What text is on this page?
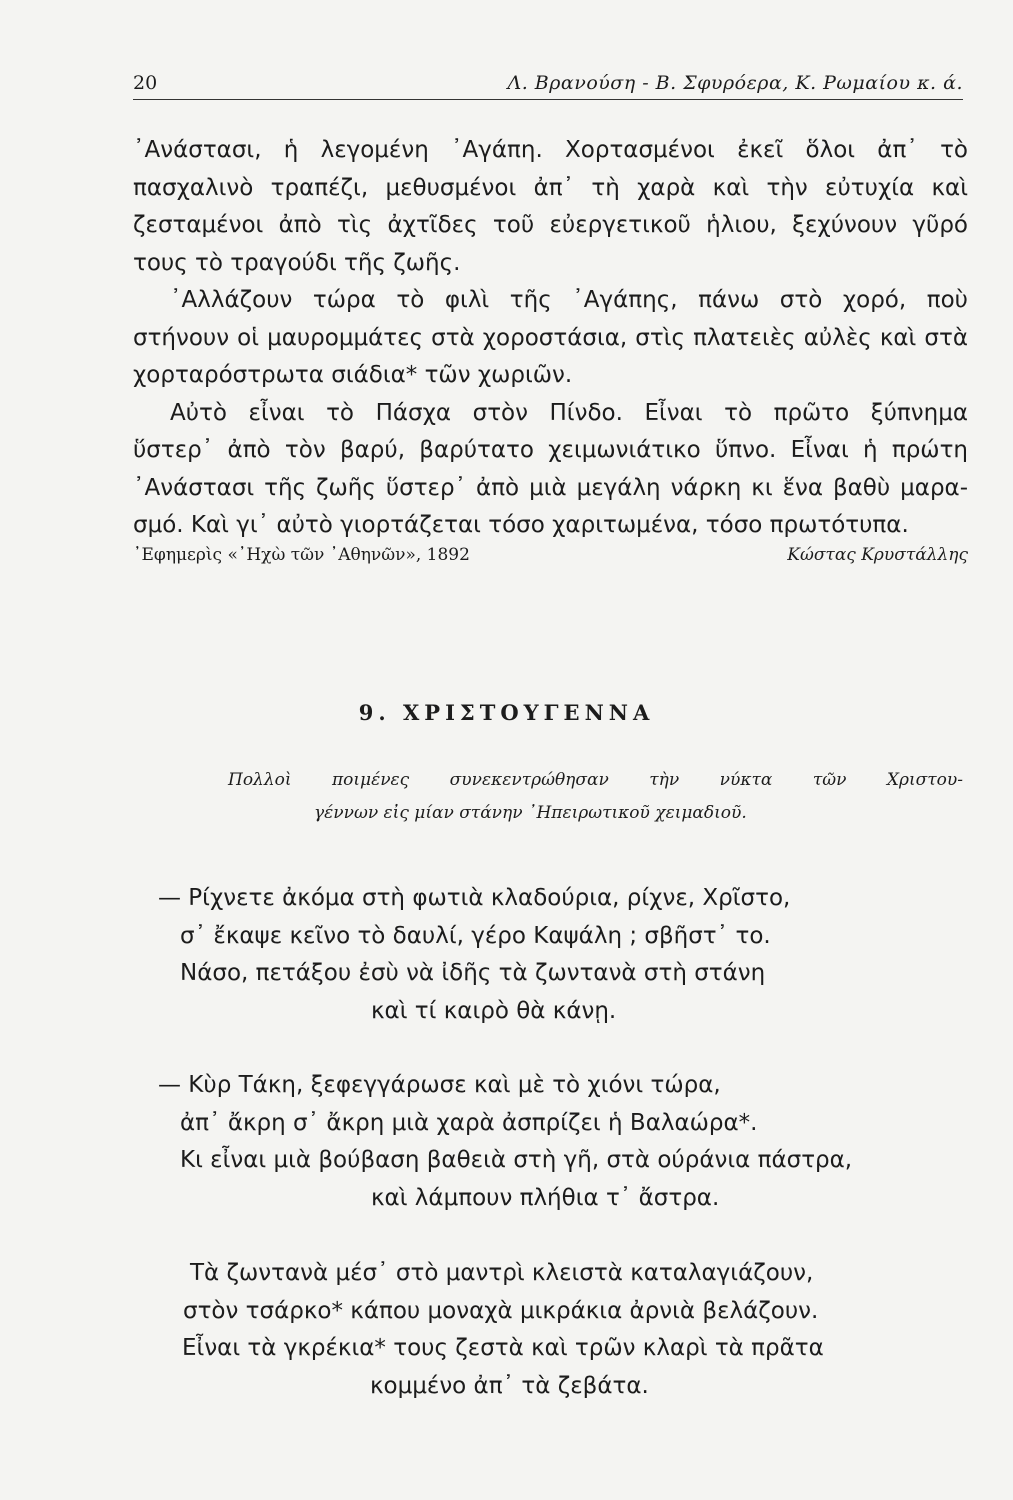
20	Λ. Βρανούση - Β. Σφυρόερα, Κ. Ρωμαίου κ. ά.
᾿Ανάστασι, ἡ λεγομένη ᾿Αγάπη. Χορτασμένοι ἐκεῖ ὅλοι ἀπ᾿ τὸ
πασχαλινὸ τραπέζι, μεθυσμένοι ἀπ᾿ τὴ χαρὰ καὶ τὴν εὐτυχία καὶ
ζεσταμένοι ἀπὸ τὶς ἀχτῖδες τοῦ εὐεργετικοῦ ἡλιου, ξεχύνουν γῦρό
τους τὸ τραγούδι τῆς ζωῆς.
᾿Αλλάζουν τώρα τὸ φιλὶ τῆς ᾿Αγάπης, πάνω στὸ χορό, ποὺ
στήνουν οἱ μαυρομμάτες στὰ χοροστάσια, στὶς πλατειὲς αὐλὲς καὶ στὰ
χορταρόστρωτα σιάδια* τῶν χωριῶν.
Αὐτὸ εἶναι τὸ Πάσχα στὸν Πίνδο. Εἶναι τὸ πρῶτο ξύπνημα
ὕστερ᾿ ἀπὸ τὸν βαρύ, βαρύτατο χειμωνιάτικο ὕπνο. Εἶναι ἡ πρώτη
᾿Ανάστασι τῆς ζωῆς ὕστερ᾿ ἀπὸ μιὰ μεγάλη νάρκη κι ἕνα βαθὺ μαρα-
σμό. Καὶ γι᾿ αὐτὸ γιορτάζεται τόσο χαριτωμένα, τόσο πρωτότυπα.
᾿Εφημερὶς «᾿Ηχὼ τῶν ᾿Αθηνῶν», 1892	Κώστας Κρυστάλλης
9. ΧΡΙΣΤΟΥΓΕΝΝΑ
Πολλοὶ ποιμένες συνεκεντρώθησαν τὴν νύκτα τῶν Χριστου-
γέννων εἰς μίαν στάνην ᾿Ηπειρωτικοῦ χειμαδιοῦ.
— Ρίχνετε ἀκόμα στὴ φωτιὰ κλαδούρια, ρίχνε, Χρῖστο,
σ᾿ ἔκαψε κεῖνο τὸ δαυλί, γέρο Καψάλη ; σβῆστ᾿ το.
Νάσο, πετάξου ἐσὺ νὰ ἰδῆς τὰ ζωντανὰ στὴ στάνη
καὶ τί καιρὸ θὰ κάνῃ.
— Κὺρ Τάκη, ξεφεγγάρωσε καὶ μὲ τὸ χιόνι τώρα,
ἀπ᾿ ἄκρη σ᾿ ἄκρη μιὰ χαρὰ ἀσπρίζει ἡ Βαλαώρα*.
Κι εἶναι μιὰ βούβαση βαθειὰ στὴ γῆ, στὰ ούράνια πάστρα,
καὶ λάμπουν πλήθια τ᾿ ἄστρα.
Τὰ ζωντανὰ μέσ᾿ στὸ μαντρὶ κλειστὰ καταλαγιάζουν,
στὸν τσάρκο* κάπου μοναχὰ μικράκια ἀρνιὰ βελάζουν.
Εἶναι τὰ γκρέκια* τους ζεστὰ καὶ τρῶν κλαρὶ τὰ πρᾶτα
κομμένο ἀπ᾿ τὰ ζεβάτα.
